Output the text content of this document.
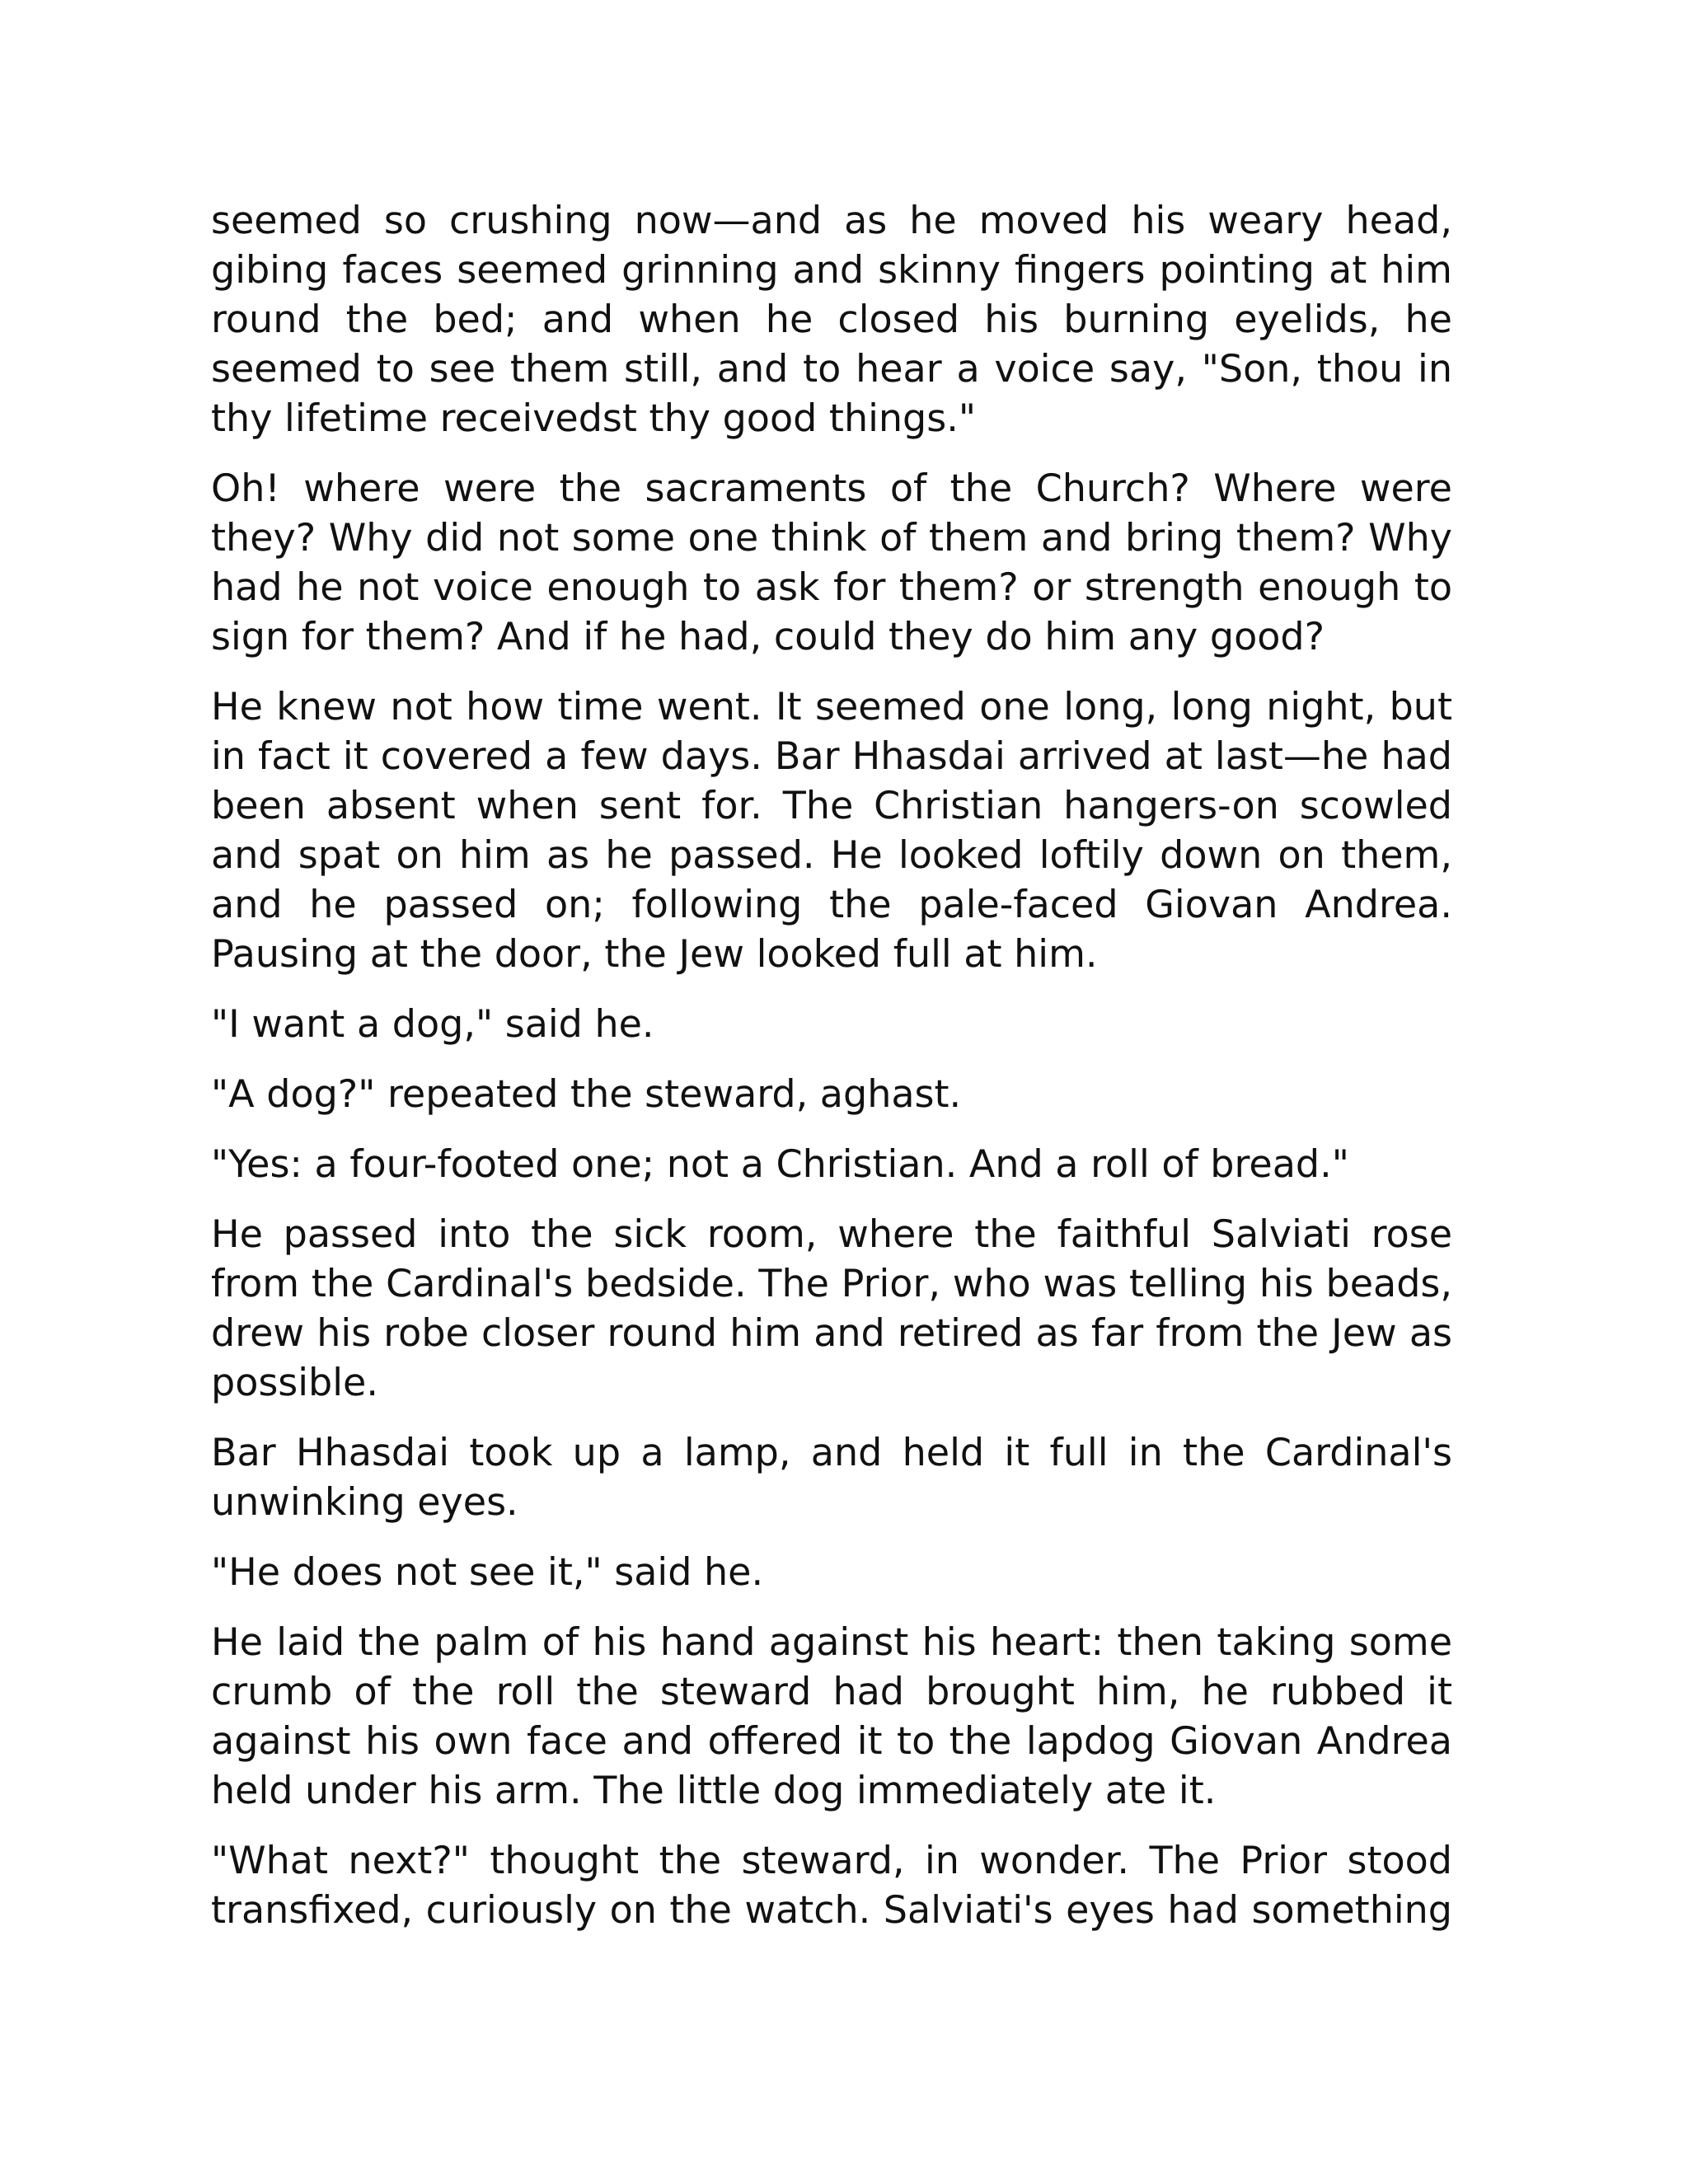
seemed so crushing now—and as he moved his weary head, gibing faces seemed grinning and skinny fingers pointing at him round the bed; and when he closed his burning eyelids, he seemed to see them still, and to hear a voice say, "Son, thou in thy lifetime receivedst thy good things."

Oh! where were the sacraments of the Church? Where were they? Why did not some one think of them and bring them? Why had he not voice enough to ask for them? or strength enough to sign for them? And if he had, could they do him any good?

He knew not how time went. It seemed one long, long night, but in fact it covered a few days. Bar Hhasdai arrived at last—he had been absent when sent for. The Christian hangers-on scowled and spat on him as he passed. He looked loftily down on them, and he passed on; following the pale-faced Giovan Andrea. Pausing at the door, the Jew looked full at him.

"I want a dog," said he.

"A dog?" repeated the steward, aghast.

"Yes: a four-footed one; not a Christian. And a roll of bread."

He passed into the sick room, where the faithful Salviati rose from the Cardinal's bedside. The Prior, who was telling his beads, drew his robe closer round him and retired as far from the Jew as possible.

Bar Hhasdai took up a lamp, and held it full in the Cardinal's unwinking eyes.

"He does not see it," said he.

He laid the palm of his hand against his heart: then taking some crumb of the roll the steward had brought him, he rubbed it against his own face and offered it to the lapdog Giovan Andrea held under his arm. The little dog immediately ate it.

"What next?" thought the steward, in wonder. The Prior stood transfixed, curiously on the watch. Salviati's eyes had something
